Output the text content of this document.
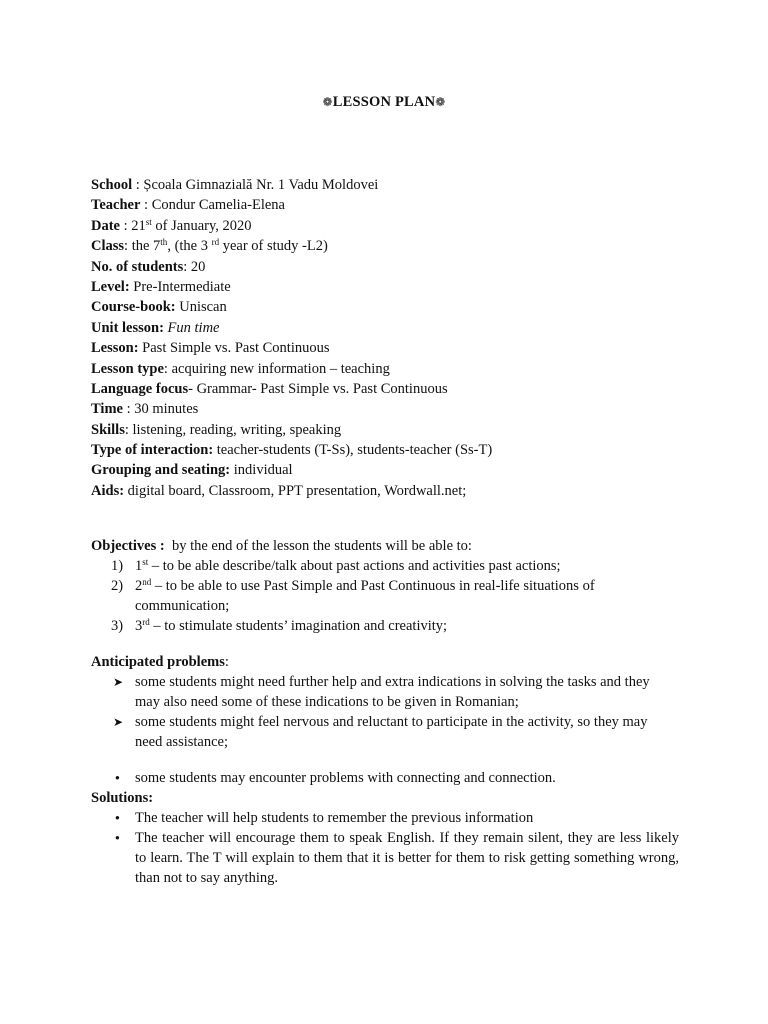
❁LESSON PLAN❁
School : Școala Gimnazială Nr. 1 Vadu Moldovei
Teacher : Condur Camelia-Elena
Date : 21st of January, 2020
Class: the 7th, (the 3 $^{rd}$ year of study -L2)
No. of students: 20
Level: Pre-Intermediate
Course-book: Uniscan
Unit lesson: Fun time
Lesson: Past Simple vs. Past Continuous
Lesson type: acquiring new information – teaching
Language focus- Grammar- Past Simple vs. Past Continuous
Time : 30 minutes
Skills: listening, reading, writing, speaking
Type of interaction: teacher-students (T-Ss), students-teacher (Ss-T)
Grouping and seating: individual
Aids: digital board, Classroom, PPT presentation, Wordwall.net;
Objectives : by the end of the lesson the students will be able to:
1) 1st – to be able describe/talk about past actions and activities past actions;
2) 2nd – to be able to use Past Simple and Past Continuous in real-life situations of
communication;
3) 3rd – to stimulate students’ imagination and creativity;
Anticipated problems:
➤ some students might need further help and extra indications in solving the tasks and they
may also need some of these indications to be given in Romanian;
➤ some students might feel nervous and reluctant to participate in the activity, so they may
need assistance;
● some students may encounter problems with connecting and connection.
Solutions:
● The teacher will help students to remember the previous information
● The teacher will encourage them to speak English. If they remain silent, they are less likely to learn. The T will explain to them that it is better for them to risk getting something wrong, than not to say anything.
